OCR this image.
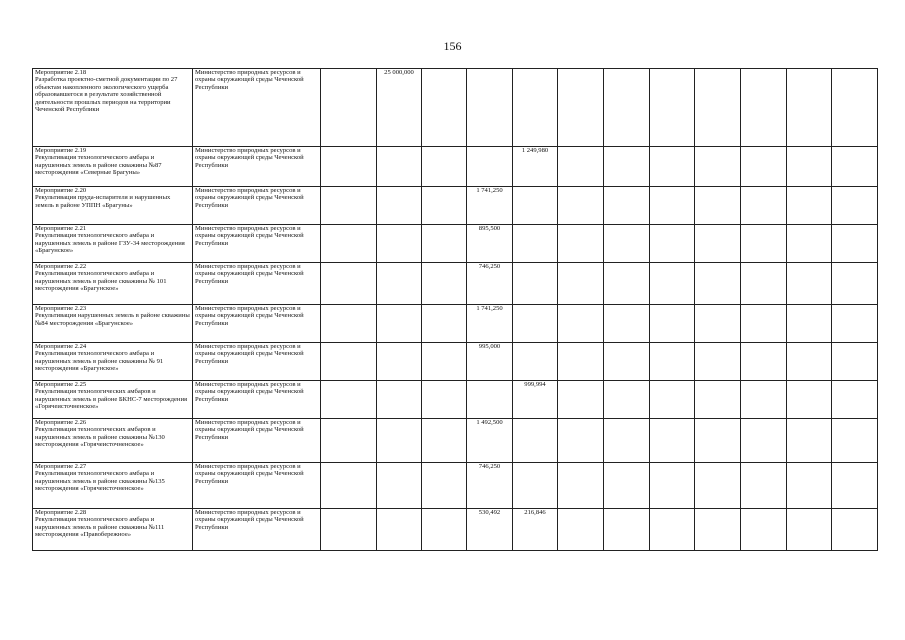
156
Мероприятие 2.18
Разработка проектно-сметной документации по 27 объектам накопленного экологического ущерба образовавшегося в результате хозяйственной деятельности прошлых периодов на территории Чеченской Республики	Министерство природных ресурсов и охраны окружающей среды Чеченской Республики		25 000,000										

Мероприятие 2.19
Рекультивация технологического амбара и нарушенных земель в районе скважины №87 месторождения «Северные Брагуны»	Министерство природных ресурсов и охраны окружающей среды Чеченской Республики					1 249,980							

Мероприятие 2.20
Рекультивация пруда-испарителя и нарушенных земель в районе УППН «Брагуны»	Министерство природных ресурсов и охраны окружающей среды Чеченской Республики				1 741,250								

Мероприятие 2.21
Рекультивация технологического амбара и нарушенных земель в районе ГЗУ-34 месторождения «Брагунское»	Министерство природных ресурсов и охраны окружающей среды Чеченской Республики				895,500								

Мероприятие 2.22
Рекультивация технологического амбара и нарушенных земель в районе скважины № 101 месторождения «Брагунское»	Министерство природных ресурсов и охраны окружающей среды Чеченской Республики				746,250								

Мероприятие 2.23
Рекультивация нарушенных земель в районе скважины №84 месторождения «Брагунское»	Министерство природных ресурсов и охраны окружающей среды Чеченской Республики				1 741,250								

Мероприятие 2.24
Рекультивация технологического амбара и нарушенных земель в районе скважины № 91 месторождения «Брагунское»	Министерство природных ресурсов и охраны окружающей среды Чеченской Республики				995,000								

Мероприятие 2.25
Рекультивация технологических амбаров и нарушенных земель в районе БКНС-7 месторождения «Горячеисточненское»	Министерство природных ресурсов и охраны окружающей среды Чеченской Республики					999,994							

Мероприятие 2.26
Рекультивация технологических амбаров и нарушенных земель в районе скважины №130 месторождения «Горячеисточненское»	Министерство природных ресурсов и охраны окружающей среды Чеченской Республики				1 492,500								

Мероприятие 2.27
Рекультивация технологического амбара и нарушенных земель в районе скважины №135 месторождения «Горячеисточненское»	Министерство природных ресурсов и охраны окружающей среды Чеченской Республики				746,250								

Мероприятие 2.28
Рекультивация технологического амбара и нарушенных земель в районе скважины №111 месторождения «Правобережное»	Министерство природных ресурсов и охраны окружающей среды Чеченской Республики				530,492	216,846							
